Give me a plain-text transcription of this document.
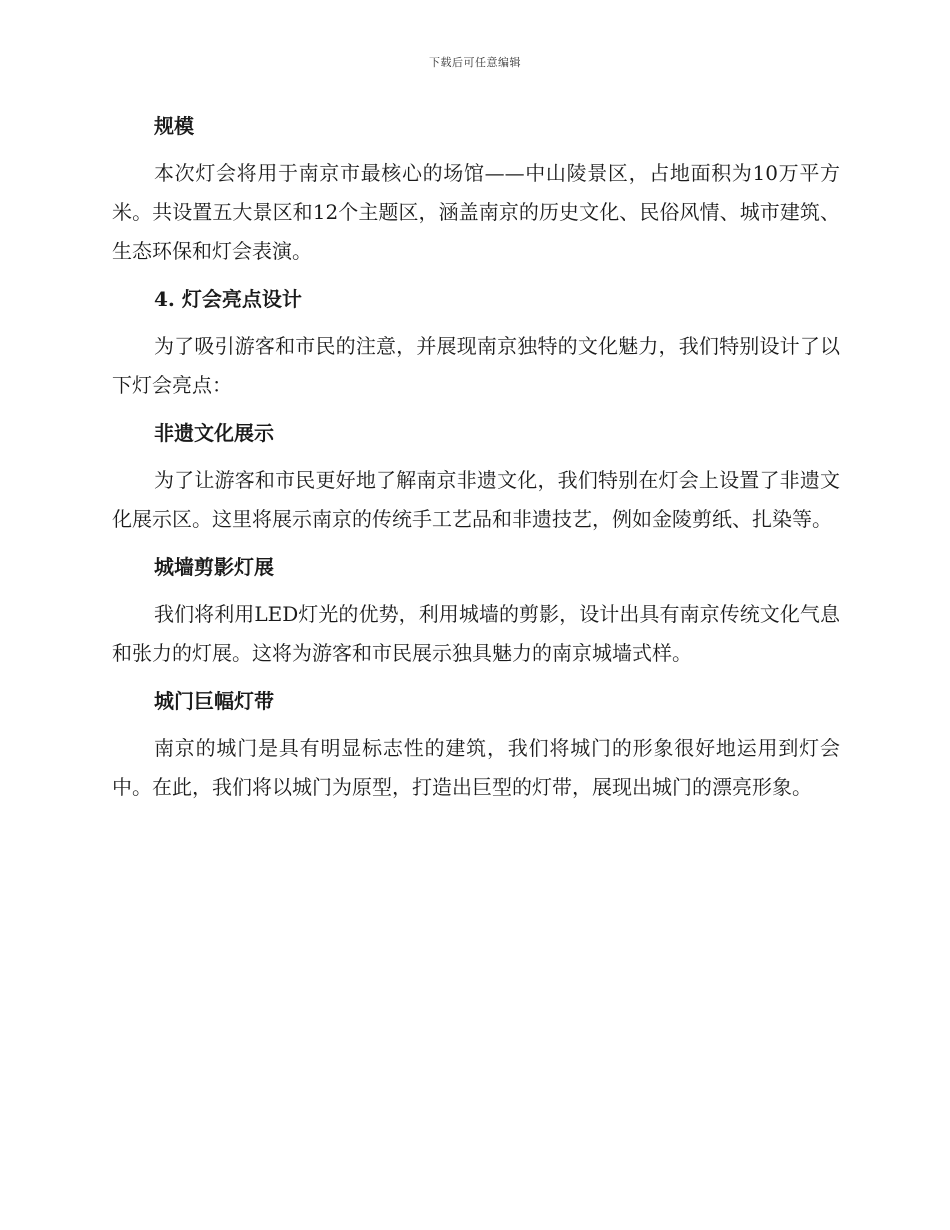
下载后可任意编辑
规模
本次灯会将用于南京市最核心的场馆——中山陵景区，占地面积为10万平方米。共设置五大景区和12个主题区，涵盖南京的历史文化、民俗风情、城市建筑、生态环保和灯会表演。
4. 灯会亮点设计
为了吸引游客和市民的注意，并展现南京独特的文化魅力，我们特别设计了以下灯会亮点：
非遗文化展示
为了让游客和市民更好地了解南京非遗文化，我们特别在灯会上设置了非遗文化展示区。这里将展示南京的传统手工艺品和非遗技艺，例如金陵剪纸、扎染等。
城墙剪影灯展
我们将利用LED灯光的优势，利用城墙的剪影，设计出具有南京传统文化气息和张力的灯展。这将为游客和市民展示独具魅力的南京城墙式样。
城门巨幅灯带
南京的城门是具有明显标志性的建筑，我们将城门的形象很好地运用到灯会中。在此，我们将以城门为原型，打造出巨型的灯带，展现出城门的漂亮形象。
